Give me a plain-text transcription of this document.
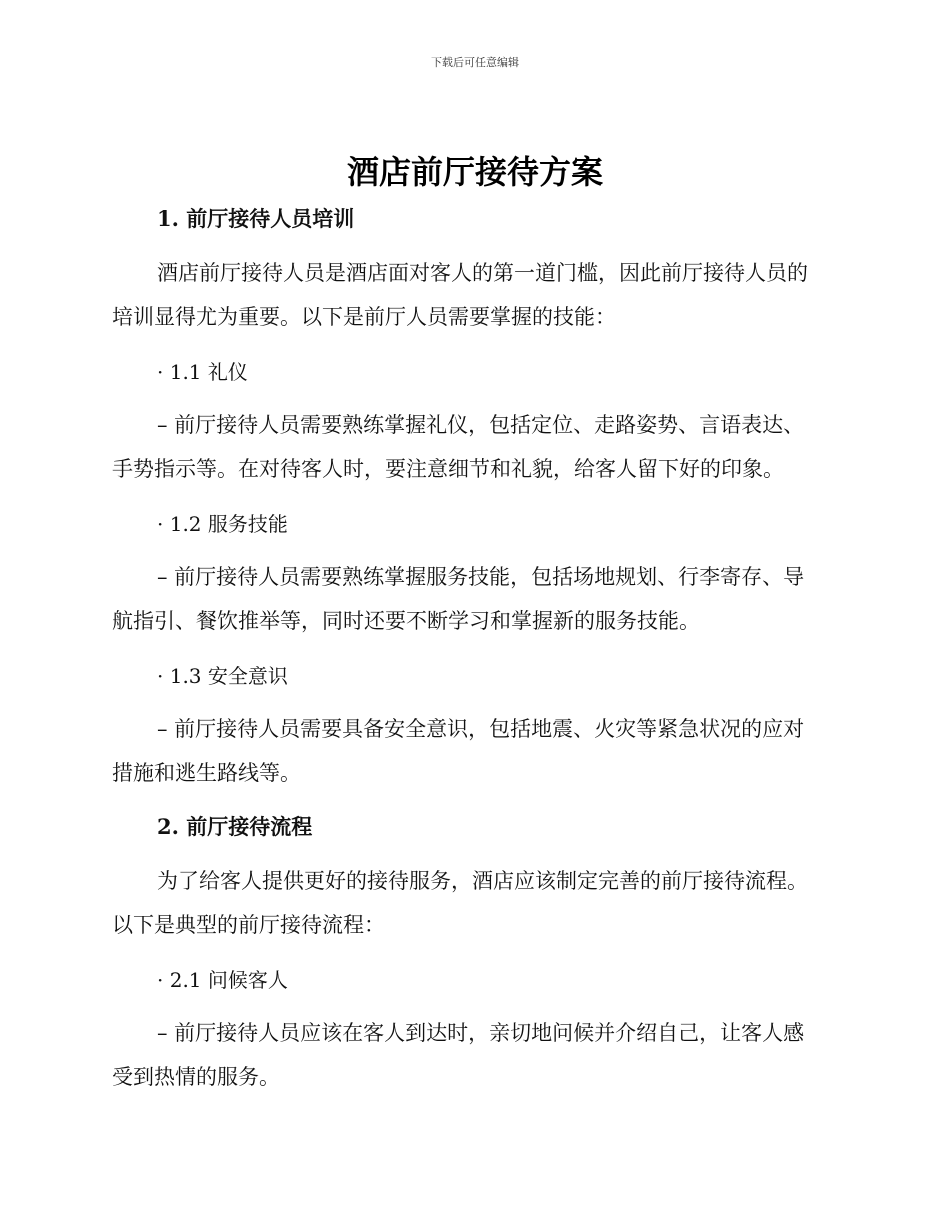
下载后可任意编辑
酒店前厅接待方案
1. 前厅接待人员培训
酒店前厅接待人员是酒店面对客人的第一道门槛，因此前厅接待人员的
培训显得尤为重要。以下是前厅人员需要掌握的技能：
· 1.1 礼仪
– 前厅接待人员需要熟练掌握礼仪，包括定位、走路姿势、言语表达、
手势指示等。在对待客人时，要注意细节和礼貌，给客人留下好的印象。
· 1.2 服务技能
– 前厅接待人员需要熟练掌握服务技能，包括场地规划、行李寄存、导
航指引、餐饮推举等，同时还要不断学习和掌握新的服务技能。
· 1.3 安全意识
– 前厅接待人员需要具备安全意识，包括地震、火灾等紧急状况的应对
措施和逃生路线等。
2. 前厅接待流程
为了给客人提供更好的接待服务，酒店应该制定完善的前厅接待流程。
以下是典型的前厅接待流程：
· 2.1 问候客人
– 前厅接待人员应该在客人到达时，亲切地问候并介绍自己，让客人感
受到热情的服务。
